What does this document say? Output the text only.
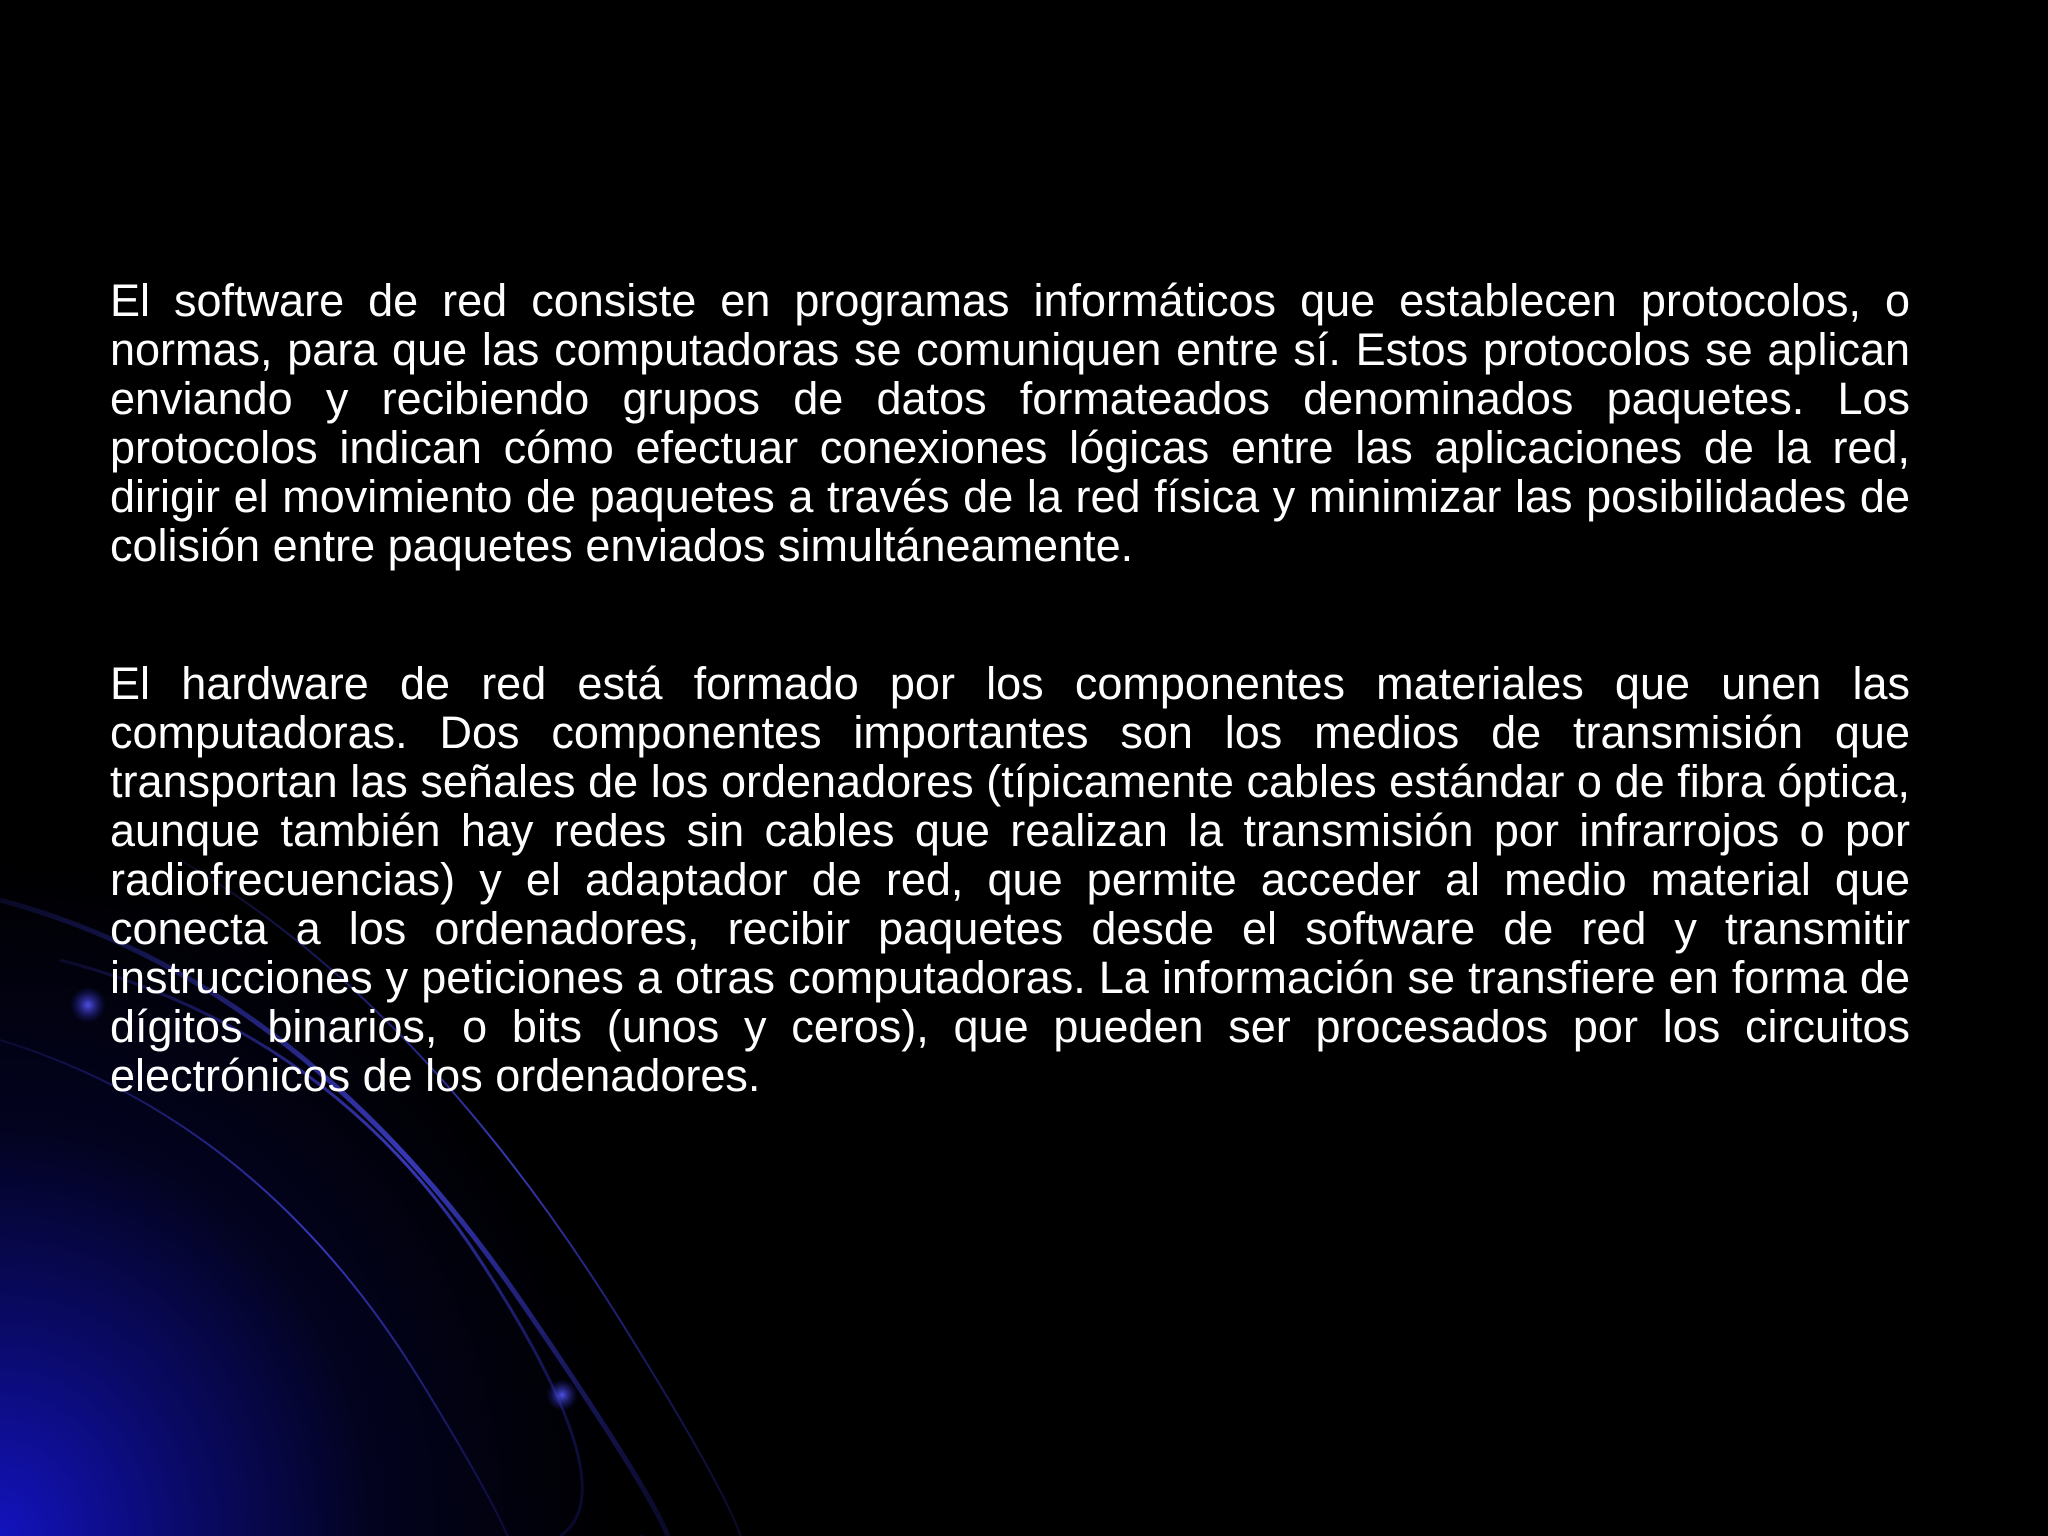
El software de red consiste en programas informáticos que establecen protocolos, o normas, para que las computadoras se comuniquen entre sí. Estos protocolos se aplican enviando y recibiendo grupos de datos formateados denominados paquetes. Los protocolos indican cómo efectuar conexiones lógicas entre las aplicaciones de la red, dirigir el movimiento de paquetes a través de la red física y minimizar las posibilidades de colisión entre paquetes enviados simultáneamente.

El hardware de red está formado por los componentes materiales que unen las computadoras. Dos componentes importantes son los medios de transmisión que transportan las señales de los ordenadores (típicamente cables estándar o de fibra óptica, aunque también hay redes sin cables que realizan la transmisión por infrarrojos o por radiofrecuencias) y el adaptador de red, que permite acceder al medio material que conecta a los ordenadores, recibir paquetes desde el software de red y transmitir instrucciones y peticiones a otras computadoras. La información se transfiere en forma de dígitos binarios, o bits (unos y ceros), que pueden ser procesados por los circuitos electrónicos de los ordenadores.
